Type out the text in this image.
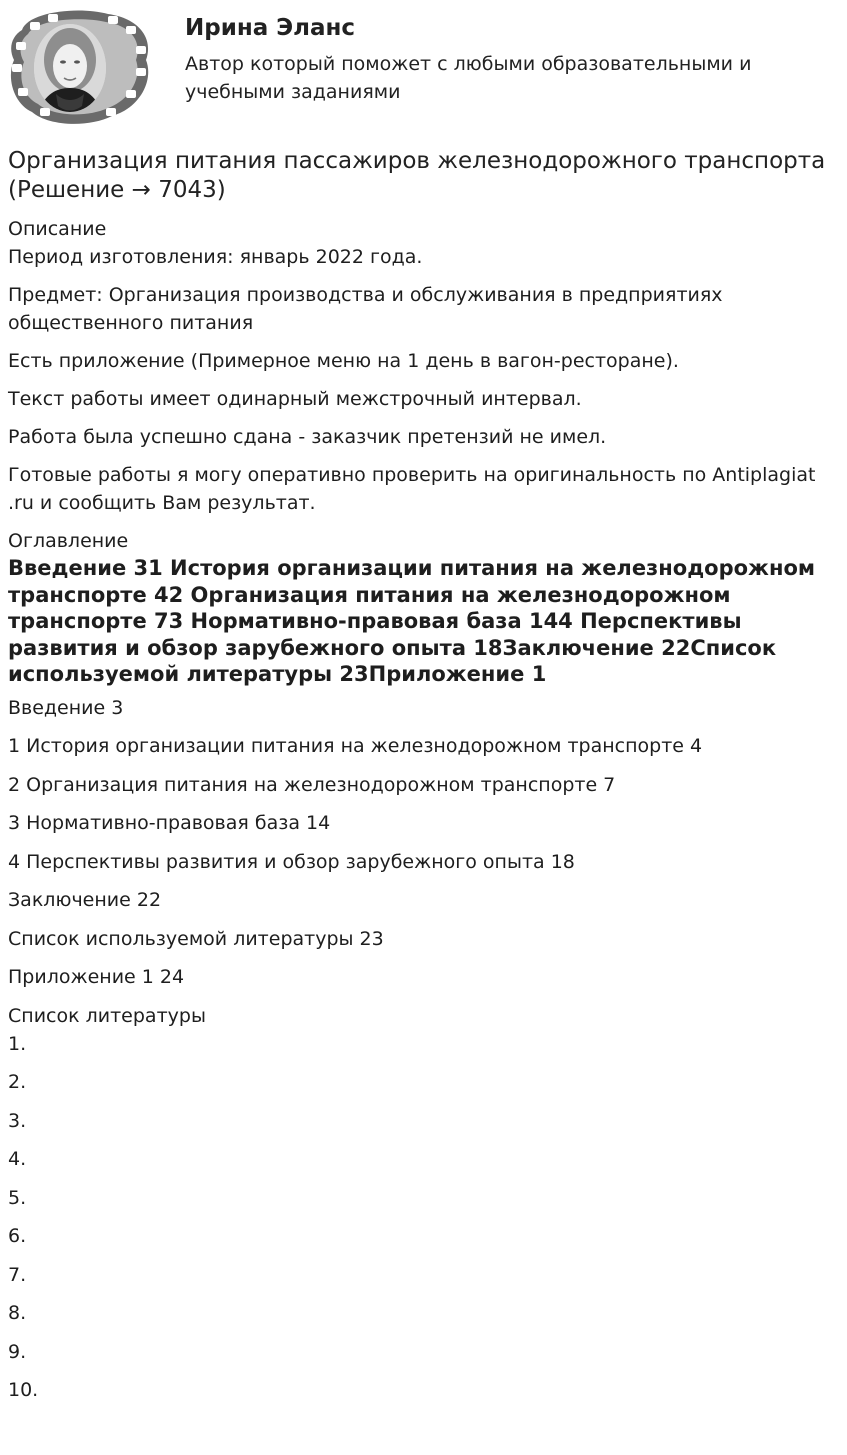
Ирина Эланс
Автор который поможет с любыми образовательными и учебными заданиями
Организация питания пассажиров железнодорожного транспорта (Решение → 7043)
Описание

Период изготовления: январь 2022 года.

Предмет: Организация производства и обслуживания в предприятиях общественного питания

Есть приложение (Примерное меню на 1 день в вагон-ресторане).

Текст работы имеет одинарный межстрочный интервал.

Работа была успешно сдана - заказчик претензий не имел.

Готовые работы я могу оперативно проверить на оригинальность по Antiplagiat .ru и сообщить Вам результат.

Оглавление
Введение 31 История организации питания на железнодорожном транспорте 42 Организация питания на железнодорожном транспорте 73 Нормативно-правовая база 144 Перспективы развития и обзор зарубежного опыта 18Заключение 22Список используемой литературы 23Приложение 1

Введение 3

1 История организации питания на железнодорожном транспорте 4

2 Организация питания на железнодорожном транспорте 7

3 Нормативно-правовая база 14

4 Перспективы развития и обзор зарубежного опыта 18

Заключение 22

Список используемой литературы 23

Приложение 1 24

Список литературы
1.
2.
3.
4.
5.
6.
7.
8.
9.
10.
